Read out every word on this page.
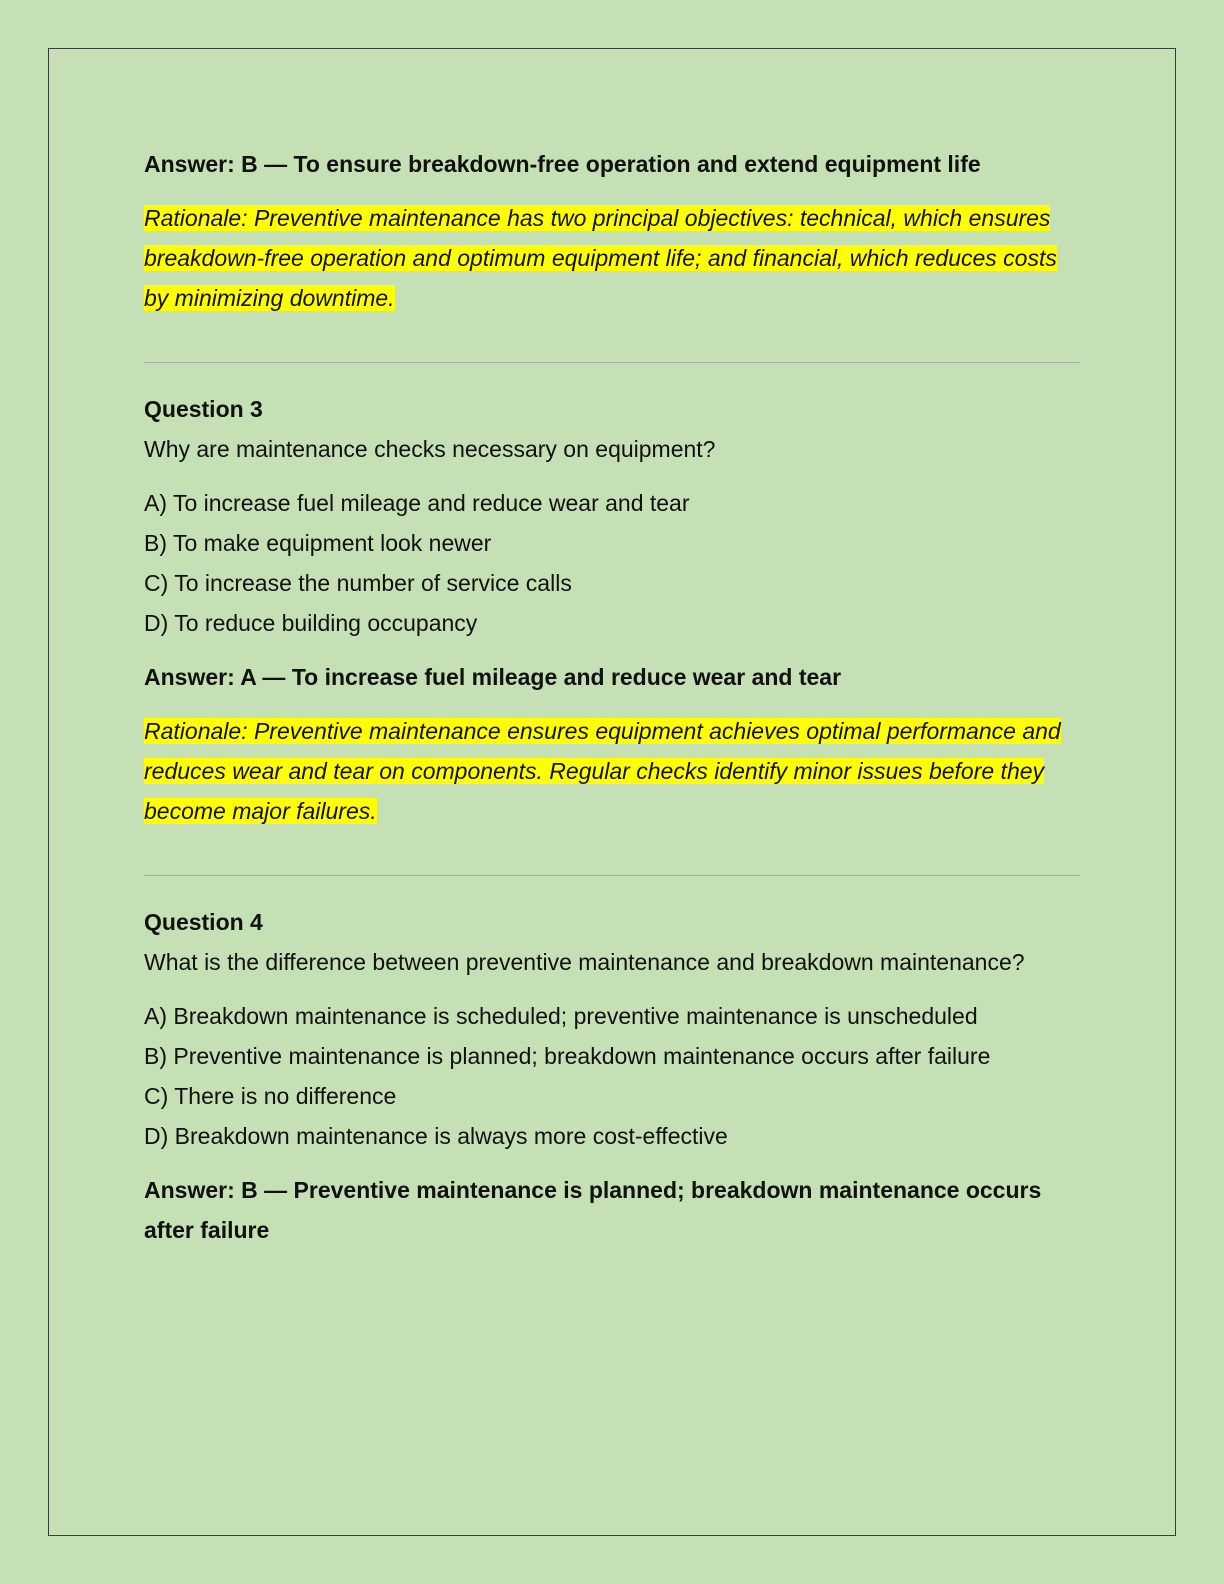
Answer: B — To ensure breakdown-free operation and extend equipment life

Rationale: Preventive maintenance has two principal objectives: technical, which ensures breakdown-free operation and optimum equipment life; and financial, which reduces costs by minimizing downtime.

Question 3

Why are maintenance checks necessary on equipment?

A) To increase fuel mileage and reduce wear and tear

B) To make equipment look newer

C) To increase the number of service calls

D) To reduce building occupancy

Answer: A — To increase fuel mileage and reduce wear and tear

Rationale: Preventive maintenance ensures equipment achieves optimal performance and reduces wear and tear on components. Regular checks identify minor issues before they become major failures.

Question 4

What is the difference between preventive maintenance and breakdown maintenance?

A) Breakdown maintenance is scheduled; preventive maintenance is unscheduled

B) Preventive maintenance is planned; breakdown maintenance occurs after failure

C) There is no difference

D) Breakdown maintenance is always more cost-effective

Answer: B — Preventive maintenance is planned; breakdown maintenance occurs after failure
